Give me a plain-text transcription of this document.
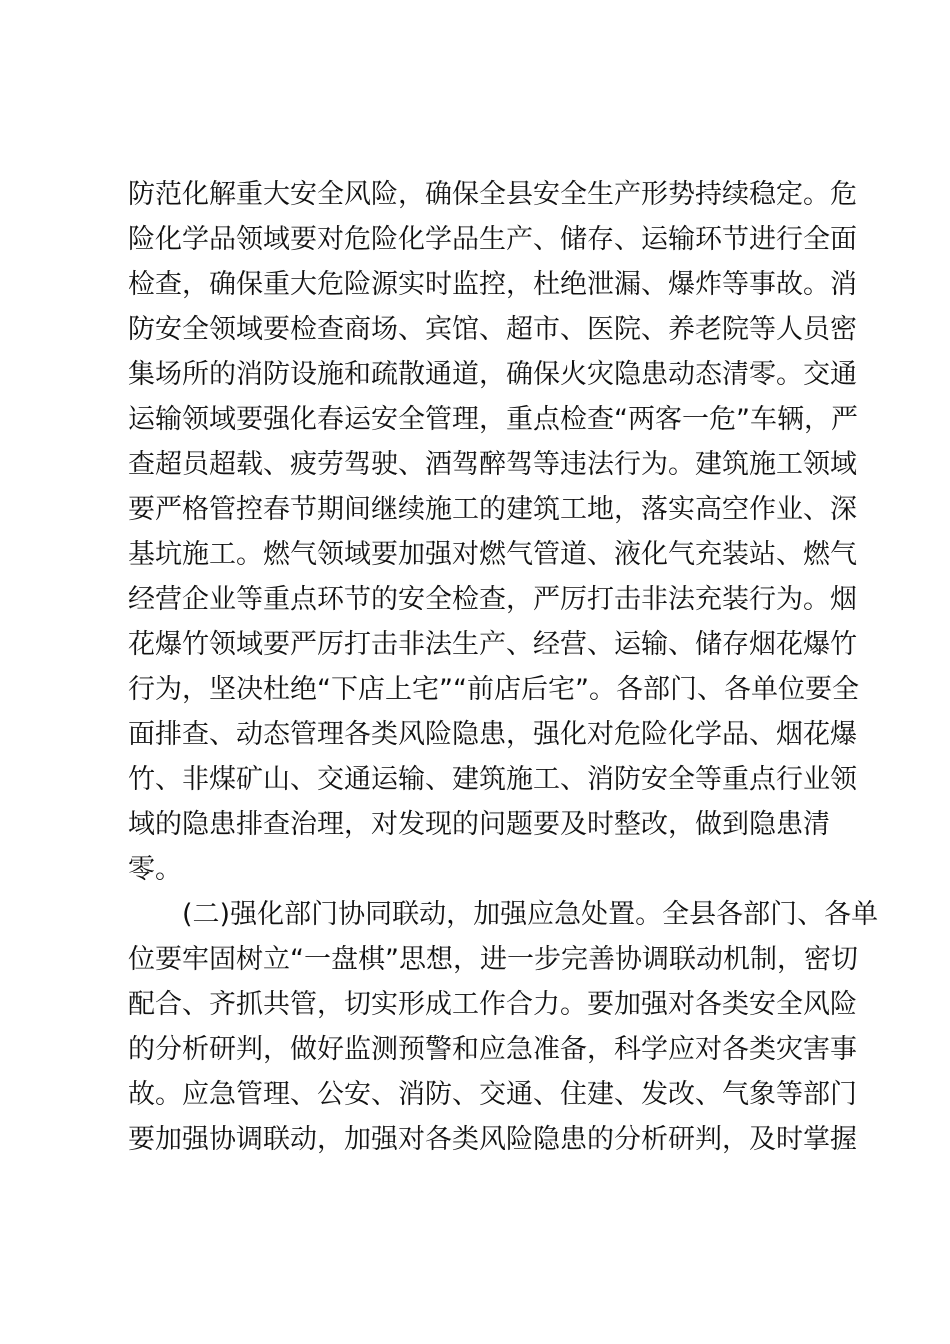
防范化解重大安全风险，确保全县安全生产形势持续稳定。危
险化学品领域要对危险化学品生产、储存、运输环节进行全面
检查，确保重大危险源实时监控，杜绝泄漏、爆炸等事故。消
防安全领域要检查商场、宾馆、超市、医院、养老院等人员密
集场所的消防设施和疏散通道，确保火灾隐患动态清零。交通
运输领域要强化春运安全管理，重点检查“两客一危”车辆，严
查超员超载、疲劳驾驶、酒驾醉驾等违法行为。建筑施工领域
要严格管控春节期间继续施工的建筑工地，落实高空作业、深
基坑施工。燃气领域要加强对燃气管道、液化气充装站、燃气
经营企业等重点环节的安全检查，严厉打击非法充装行为。烟
花爆竹领域要严厉打击非法生产、经营、运输、储存烟花爆竹
行为，坚决杜绝“下店上宅”“前店后宅”。各部门、各单位要全
面排查、动态管理各类风险隐患，强化对危险化学品、烟花爆
竹、非煤矿山、交通运输、建筑施工、消防安全等重点行业领
域的隐患排查治理，对发现的问题要及时整改，做到隐患清
零。
(二)强化部门协同联动，加强应急处置。全县各部门、各单
位要牢固树立“一盘棋”思想，进一步完善协调联动机制，密切
配合、齐抓共管，切实形成工作合力。要加强对各类安全风险
的分析研判，做好监测预警和应急准备，科学应对各类灾害事
故。应急管理、公安、消防、交通、住建、发改、气象等部门
要加强协调联动，加强对各类风险隐患的分析研判，及时掌握
